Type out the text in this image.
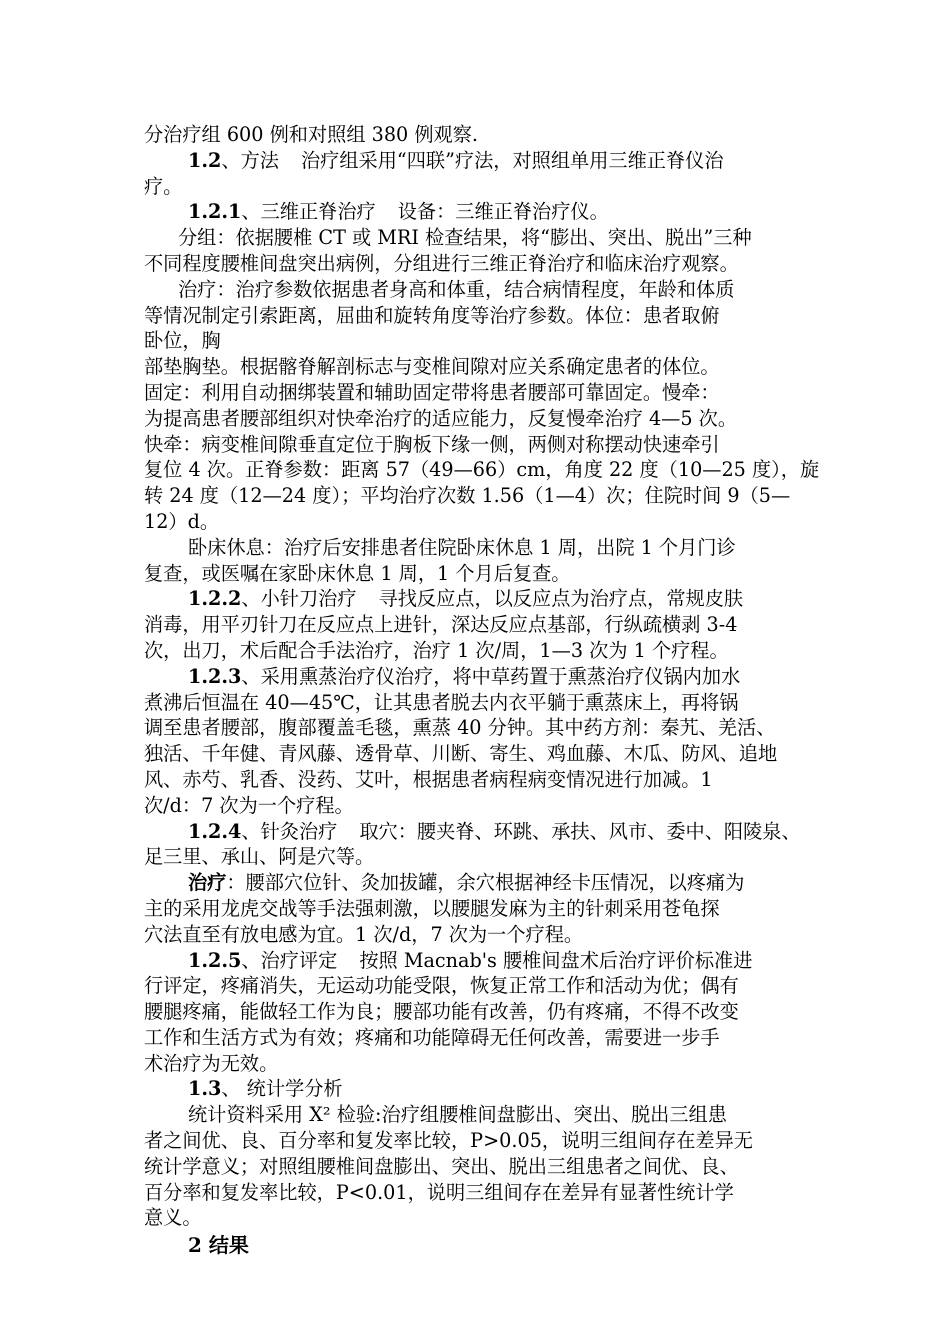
分治疗组 600 例和对照组 380 例观察.
1.2、方法 治疗组采用“四联”疗法，对照组单用三维正脊仪治
疗。
1.2.1、三维正脊治疗 设备：三维正脊治疗仪。
分组：依据腰椎 CT 或 MRI 检查结果，将“膨出、突出、脱出”三种
不同程度腰椎间盘突出病例，分组进行三维正脊治疗和临床治疗观察。
治疗：治疗参数依据患者身高和体重，结合病情程度，年龄和体质
等情况制定引索距离，屈曲和旋转角度等治疗参数。体位：患者取俯
卧位，胸
部垫胸垫。根据髂脊解剖标志与变椎间隙对应关系确定患者的体位。
固定：利用自动捆绑装置和辅助固定带将患者腰部可靠固定。慢牵：
为提高患者腰部组织对快牵治疗的适应能力，反复慢牵治疗 4—5 次。
快牵：病变椎间隙垂直定位于胸板下缘一侧，两侧对称摆动快速牵引
复位 4 次。正脊参数：距离 57（49—66）cm，角度 22 度（10—25 度），旋
转 24 度（12—24 度）；平均治疗次数 1.56（1—4）次；住院时间 9（5—
12）d。
卧床休息：治疗后安排患者住院卧床休息 1 周，出院 1 个月门诊
复查，或医嘱在家卧床休息 1 周，1 个月后复查。
1.2.2、小针刀治疗 寻找反应点，以反应点为治疗点，常规皮肤
消毒，用平刃针刀在反应点上进针，深达反应点基部，行纵疏横剥 3-4
次，出刀，术后配合手法治疗，治疗 1 次/周，1—3 次为 1 个疗程。
1.2.3、采用熏蒸治疗仪治疗，将中草药置于熏蒸治疗仪锅内加水
煮沸后恒温在 40—45℃，让其患者脱去内衣平躺于熏蒸床上，再将锅
调至患者腰部，腹部覆盖毛毯，熏蒸 40 分钟。其中药方剂：秦艽、羌活、
独活、千年健、青风藤、透骨草、川断、寄生、鸡血藤、木瓜、防风、追地
风、赤芍、乳香、没药、艾叶，根据患者病程病变情况进行加减。1
次/d：7 次为一个疗程。
1.2.4、针灸治疗 取穴：腰夹脊、环跳、承扶、风市、委中、阳陵泉、
足三里、承山、阿是穴等。
治疗：腰部穴位针、灸加拔罐，余穴根据神经卡压情况，以疼痛为
主的采用龙虎交战等手法强刺激，以腰腿发麻为主的针刺采用苍龟探
穴法直至有放电感为宜。1 次/d，7 次为一个疗程。
1.2.5、治疗评定 按照 Macnab's 腰椎间盘术后治疗评价标准进
行评定，疼痛消失，无运动功能受限，恢复正常工作和活动为优；偶有
腰腿疼痛，能做轻工作为良；腰部功能有改善，仍有疼痛，不得不改变
工作和生活方式为有效；疼痛和功能障碍无任何改善，需要进一步手
术治疗为无效。
1.3、 统计学分析
统计资料采用 X² 检验:治疗组腰椎间盘膨出、突出、脱出三组患
者之间优、良、百分率和复发率比较，P>0.05，说明三组间存在差异无
统计学意义；对照组腰椎间盘膨出、突出、脱出三组患者之间优、良、
百分率和复发率比较，P<0.01，说明三组间存在差异有显著性统计学
意义。
2 结果
